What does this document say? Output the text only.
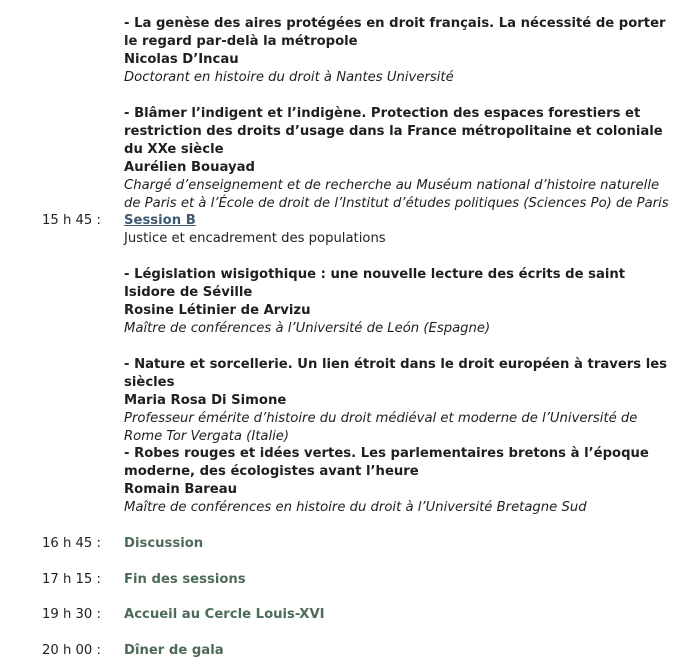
- La genèse des aires protégées en droit français. La nécessité de porter le regard par-delà la métropole
Nicolas D’Incau
Doctorant en histoire du droit à Nantes Université
- Blâmer l’indigent et l’indigène. Protection des espaces forestiers et restriction des droits d’usage dans la France métropolitaine et coloniale du XXe siècle
Aurélien Bouayad
Chargé d’enseignement et de recherche au Muséum national d’histoire naturelle de Paris et à l’École de droit de l’Institut d’études politiques (Sciences Po) de Paris
15 h 45 : Session B
Justice et encadrement des populations
- Législation wisigothique : une nouvelle lecture des écrits de saint Isidore de Séville
Rosine Létinier de Arvizu
Maître de conférences à l’Université de León (Espagne)
- Nature et sorcellerie. Un lien étroit dans le droit européen à travers les siècles
Maria Rosa Di Simone
Professeur émérite d’histoire du droit médiéval et moderne de l’Université de Rome Tor Vergata (Italie)
- Robes rouges et idées vertes. Les parlementaires bretons à l’époque moderne, des écologistes avant l’heure
Romain Bareau
Maître de conférences en histoire du droit à l’Université Bretagne Sud
16 h 45 : Discussion
17 h 15 : Fin des sessions
19 h 30 : Accueil au Cercle Louis-XVI
20 h 00 : Dîner de gala
